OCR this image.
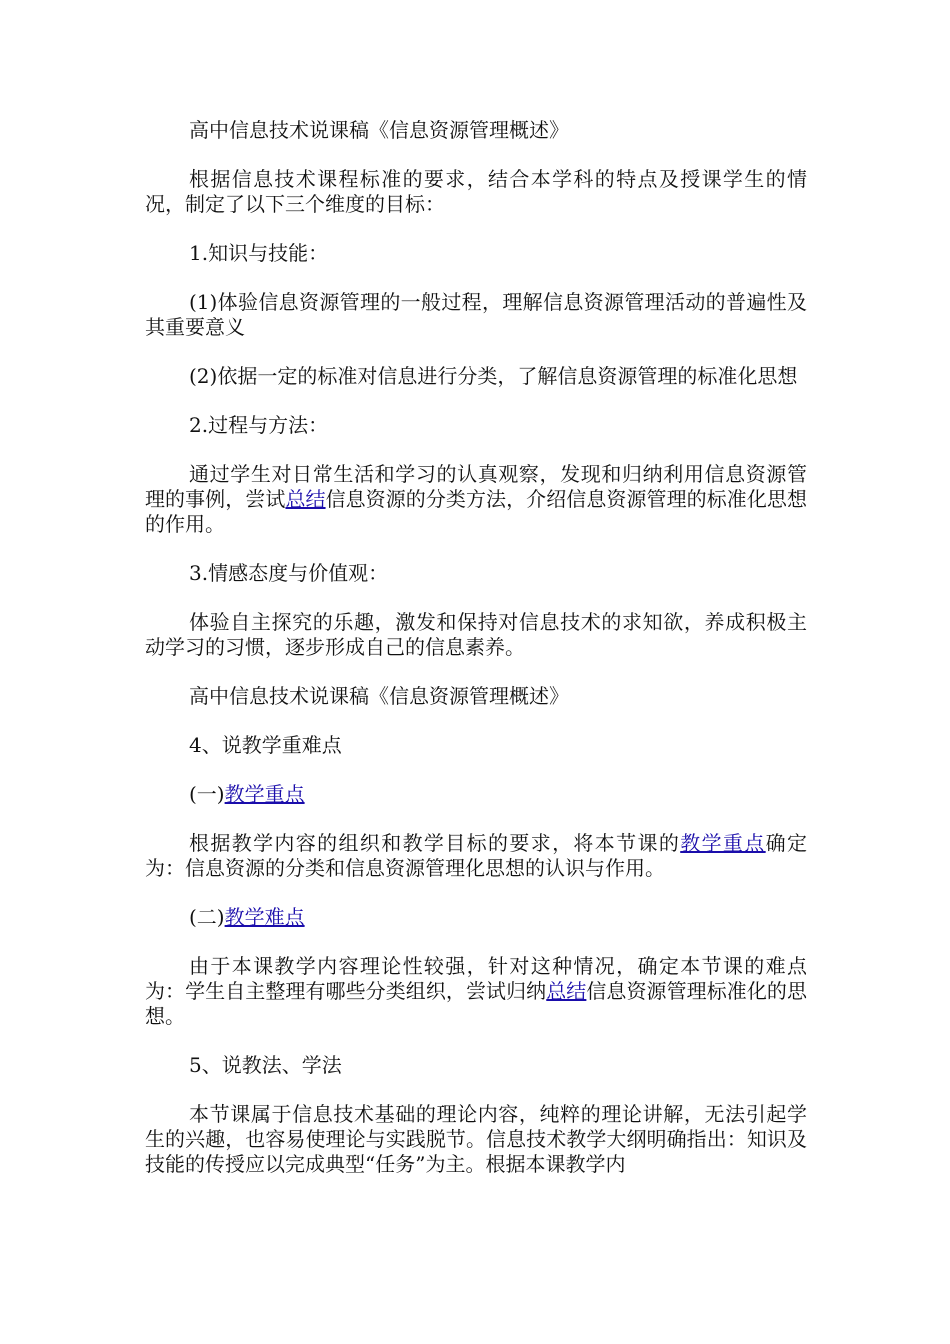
高中信息技术说课稿《信息资源管理概述》

根据信息技术课程标准的要求，结合本学科的特点及授课学生的情况，制定了以下三个维度的目标：

1.知识与技能：

(1)体验信息资源管理的一般过程，理解信息资源管理活动的普遍性及其重要意义

(2)依据一定的标准对信息进行分类，了解信息资源管理的标准化思想

2.过程与方法：

通过学生对日常生活和学习的认真观察，发现和归纳利用信息资源管理的事例，尝试总结信息资源的分类方法，介绍信息资源管理的标准化思想的作用。

3.情感态度与价值观：

体验自主探究的乐趣，激发和保持对信息技术的求知欲，养成积极主动学习的习惯，逐步形成自己的信息素养。

高中信息技术说课稿《信息资源管理概述》

4、说教学重难点

(一)教学重点

根据教学内容的组织和教学目标的要求，将本节课的教学重点确定为：信息资源的分类和信息资源管理化思想的认识与作用。

(二)教学难点

由于本课教学内容理论性较强，针对这种情况，确定本节课的难点为：学生自主整理有哪些分类组织，尝试归纳总结信息资源管理标准化的思想。

5、说教法、学法

本节课属于信息技术基础的理论内容，纯粹的理论讲解，无法引起学生的兴趣，也容易使理论与实践脱节。信息技术教学大纲明确指出：知识及技能的传授应以完成典型“任务”为主。根据本课教学内
